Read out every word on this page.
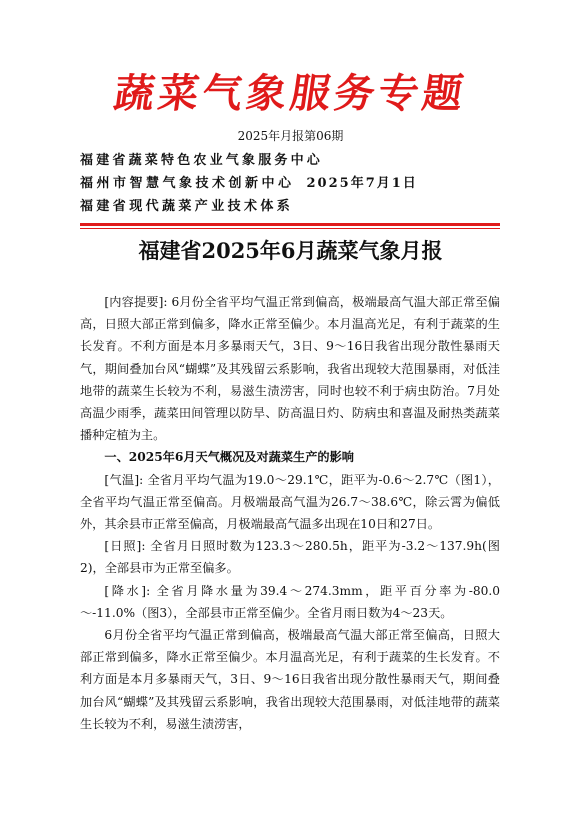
蔬菜气象服务专题
2025年月报第06期
福建省蔬菜特色农业气象服务中心
福州市智慧气象技术创新中心 2025年7月1日
福建省现代蔬菜产业技术体系
福建省2025年6月蔬菜气象月报

[内容提要]: 6月份全省平均气温正常到偏高，极端最高气温大部正常至偏高，日照大部正常到偏多，降水正常至偏少。本月温高光足，有利于蔬菜的生长发育。不利方面是本月多暴雨天气，3日、9～16日我省出现分散性暴雨天气，期间叠加台风“蝴蝶”及其残留云系影响，我省出现较大范围暴雨，对低洼地带的蔬菜生长较为不利，易滋生渍涝害，同时也较不利于病虫防治。7月处高温少雨季，蔬菜田间管理以防旱、防高温日灼、防病虫和喜温及耐热类蔬菜播种定植为主。

一、2025年6月天气概况及对蔬菜生产的影响

[气温]: 全省月平均气温为19.0～29.1℃，距平为-0.6～2.7℃（图1），全省平均气温正常至偏高。月极端最高气温为26.7～38.6℃，除云霄为偏低外，其余县市正常至偏高，月极端最高气温多出现在10日和27日。

[日照]: 全省月日照时数为123.3～280.5h，距平为-3.2～137.9h(图2)，全部县市为正常至偏多。

[降水]: 全省月降水量为39.4～274.3mm，距平百分率为-80.0～-11.0%（图3），全部县市正常至偏少。全省月雨日数为4～23天。

6月份全省平均气温正常到偏高，极端最高气温大部正常至偏高，日照大部正常到偏多，降水正常至偏少。本月温高光足，有利于蔬菜的生长发育。不利方面是本月多暴雨天气，3日、9～16日我省出现分散性暴雨天气，期间叠加台风“蝴蝶”及其残留云系影响，我省出现较大范围暴雨，对低洼地带的蔬菜生长较为不利，易滋生渍涝害，
